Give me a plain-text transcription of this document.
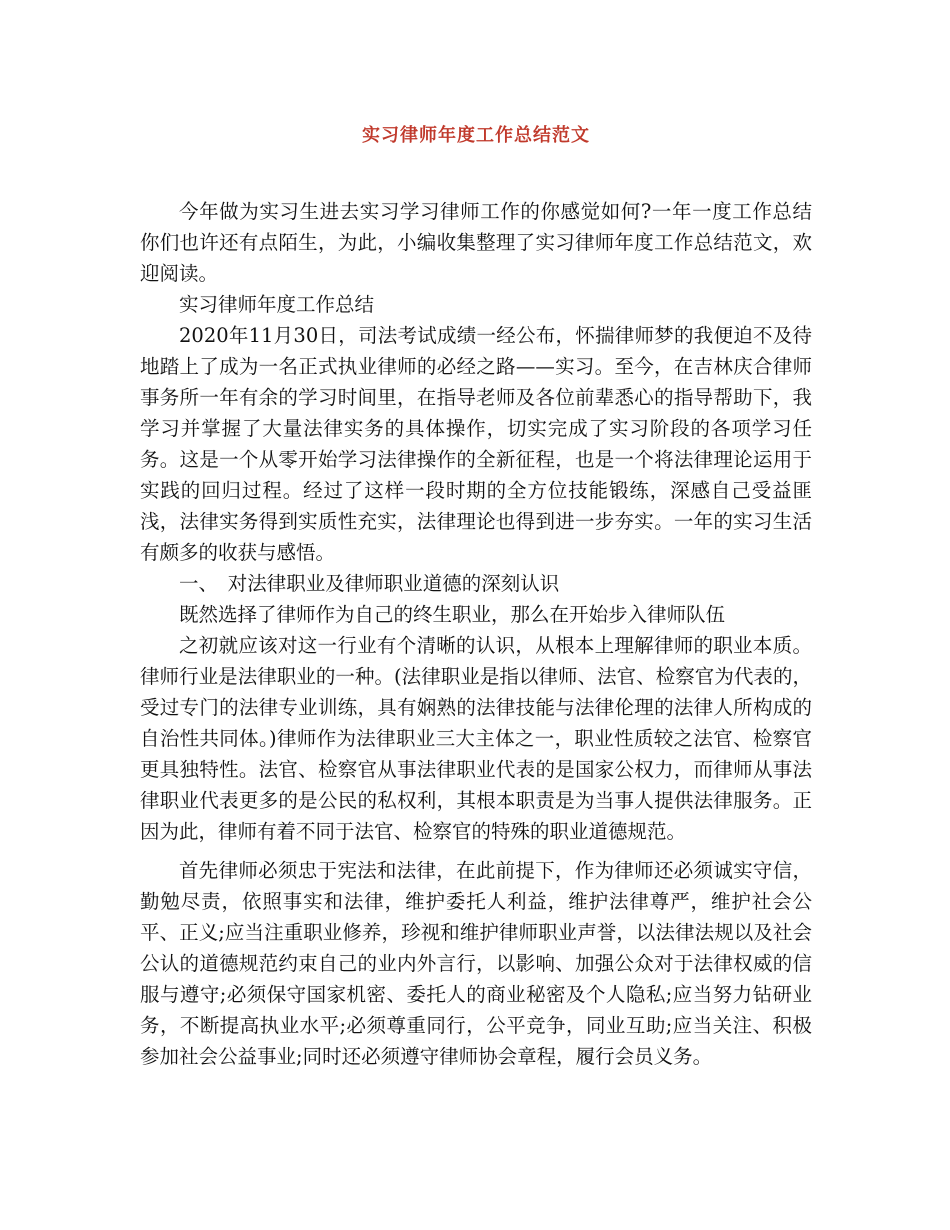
实习律师年度工作总结范文

今年做为实习生进去实习学习律师工作的你感觉如何?一年一度工作总结你们也许还有点陌生，为此，小编收集整理了实习律师年度工作总结范文，欢迎阅读。

实习律师年度工作总结

2020年11月30日，司法考试成绩一经公布，怀揣律师梦的我便迫不及待地踏上了成为一名正式执业律师的必经之路——实习。至今，在吉林庆合律师事务所一年有余的学习时间里，在指导老师及各位前辈悉心的指导帮助下，我学习并掌握了大量法律实务的具体操作，切实完成了实习阶段的各项学习任务。这是一个从零开始学习法律操作的全新征程，也是一个将法律理论运用于实践的回归过程。经过了这样一段时期的全方位技能锻练，深感自己受益匪浅，法律实务得到实质性充实，法律理论也得到进一步夯实。一年的实习生活有颇多的收获与感悟。

一、　对法律职业及律师职业道德的深刻认识

既然选择了律师作为自己的终生职业，那么在开始步入律师队伍

之初就应该对这一行业有个清晰的认识，从根本上理解律师的职业本质。律师行业是法律职业的一种。(法律职业是指以律师、法官、检察官为代表的，受过专门的法律专业训练，具有娴熟的法律技能与法律伦理的法律人所构成的自治性共同体。)律师作为法律职业三大主体之一，职业性质较之法官、检察官更具独特性。法官、检察官从事法律职业代表的是国家公权力，而律师从事法律职业代表更多的是公民的私权利，其根本职责是为当事人提供法律服务。正因为此，律师有着不同于法官、检察官的特殊的职业道德规范。

首先律师必须忠于宪法和法律，在此前提下，作为律师还必须诚实守信，勤勉尽责，依照事实和法律，维护委托人利益，维护法律尊严，维护社会公平、正义;应当注重职业修养，珍视和维护律师职业声誉，以法律法规以及社会公认的道德规范约束自己的业内外言行，以影响、加强公众对于法律权威的信服与遵守;必须保守国家机密、委托人的商业秘密及个人隐私;应当努力钻研业务，不断提高执业水平;必须尊重同行，公平竞争，同业互助;应当关注、积极参加社会公益事业;同时还必须遵守律师协会章程，履行会员义务。
